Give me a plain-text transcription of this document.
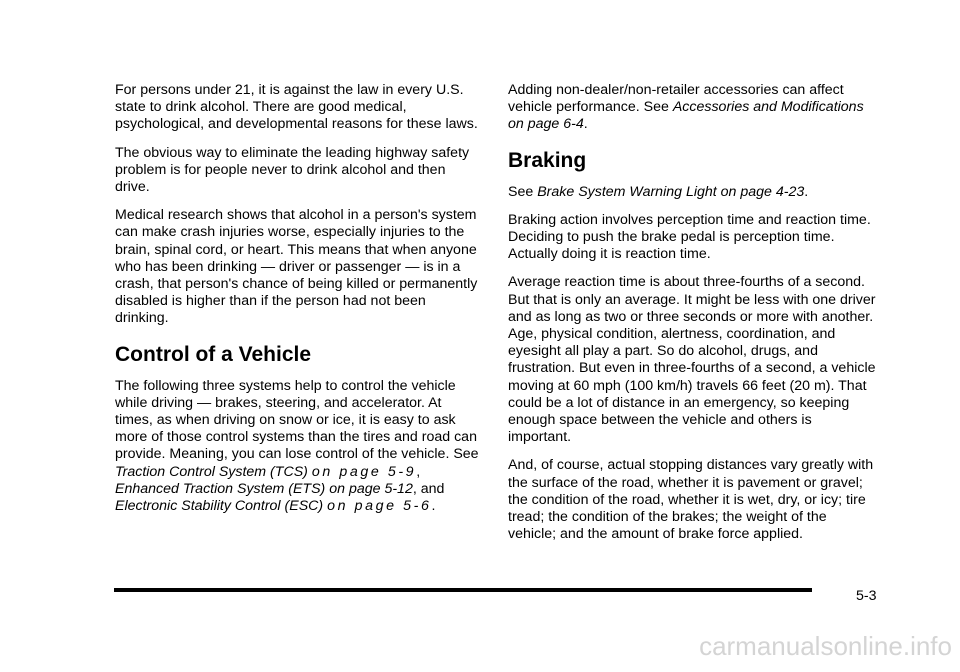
For persons under 21, it is against the law in every U.S. state to drink alcohol. There are good medical, psychological, and developmental reasons for these laws.

The obvious way to eliminate the leading highway safety problem is for people never to drink alcohol and then drive.

Medical research shows that alcohol in a person's system can make crash injuries worse, especially injuries to the brain, spinal cord, or heart. This means that when anyone who has been drinking — driver or passenger — is in a crash, that person's chance of being killed or permanently disabled is higher than if the person had not been drinking.

Control of a Vehicle

The following three systems help to control the vehicle while driving — brakes, steering, and accelerator. At times, as when driving on snow or ice, it is easy to ask more of those control systems than the tires and road can provide. Meaning, you can lose control of the vehicle. See Traction Control System (TCS) on page 5-9, Enhanced Traction System (ETS) on page 5-12, and Electronic Stability Control (ESC) on page 5-6.

Adding non-dealer/non-retailer accessories can affect vehicle performance. See Accessories and Modifications on page 6-4.

Braking

See Brake System Warning Light on page 4-23.

Braking action involves perception time and reaction time. Deciding to push the brake pedal is perception time. Actually doing it is reaction time.

Average reaction time is about three-fourths of a second. But that is only an average. It might be less with one driver and as long as two or three seconds or more with another. Age, physical condition, alertness, coordination, and eyesight all play a part. So do alcohol, drugs, and frustration. But even in three-fourths of a second, a vehicle moving at 60 mph (100 km/h) travels 66 feet (20 m). That could be a lot of distance in an emergency, so keeping enough space between the vehicle and others is important.

And, of course, actual stopping distances vary greatly with the surface of the road, whether it is pavement or gravel; the condition of the road, whether it is wet, dry, or icy; tire tread; the condition of the brakes; the weight of the vehicle; and the amount of brake force applied.

5-3
carmanualsonline.info
